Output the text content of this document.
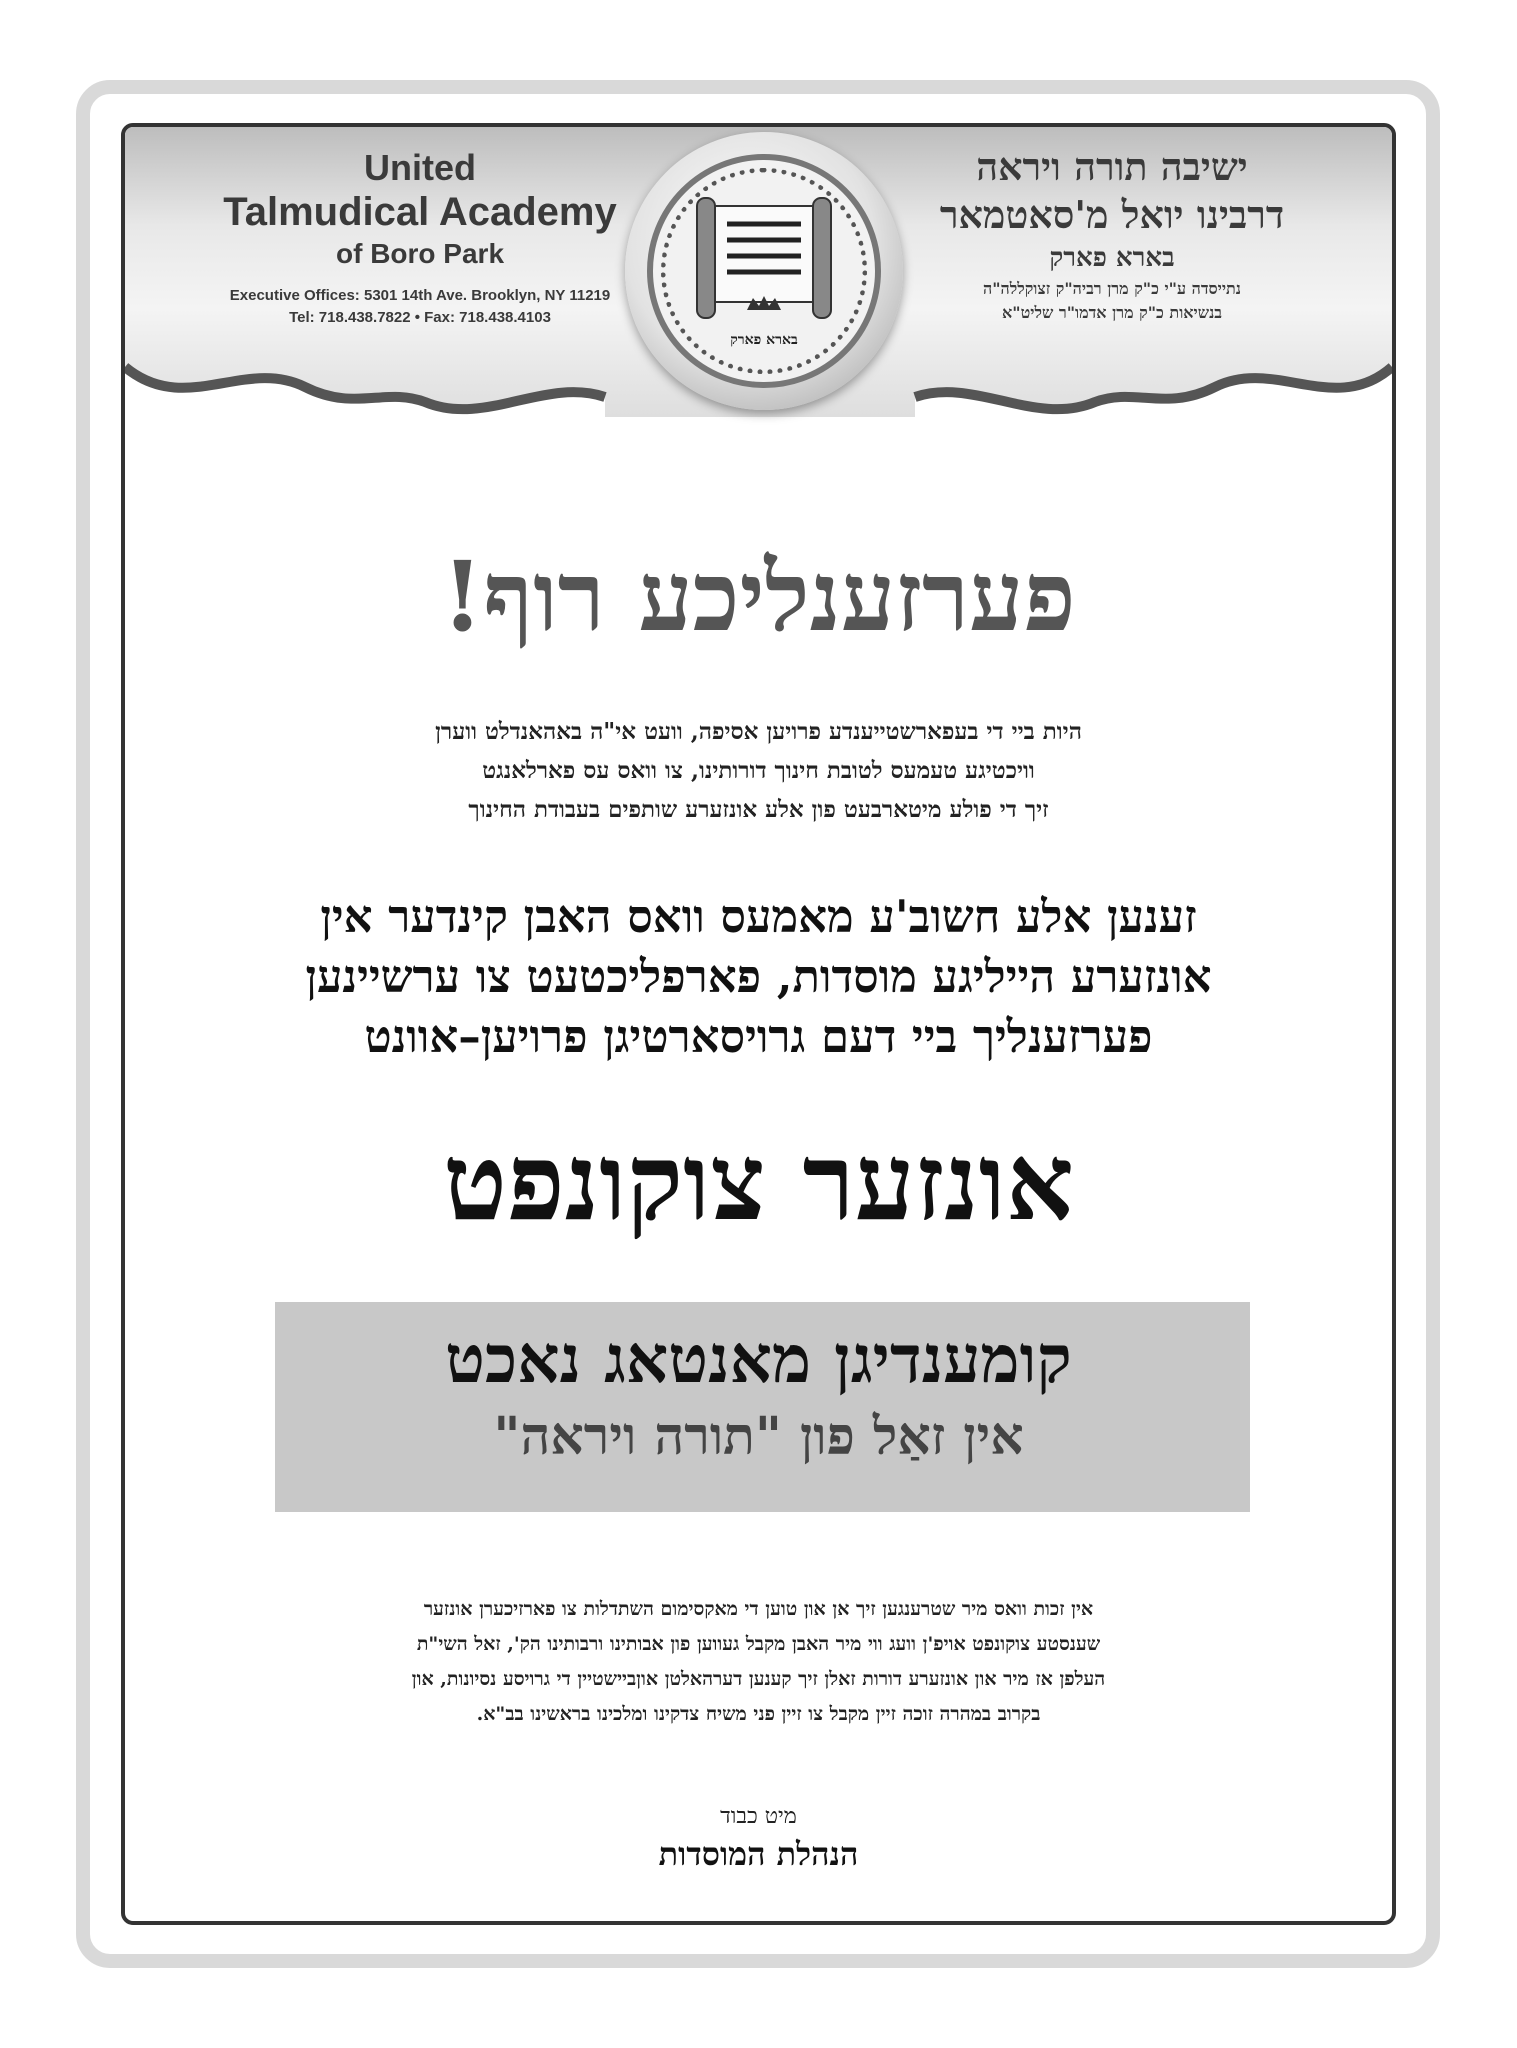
United
Talmudical Academy
of Boro Park
Executive Offices: 5301 14th Ave. Brooklyn, NY 11219
Tel: 718.438.7822 • Fax: 718.438.4103
בארא פארק
ישיבה תורה ויראה
דרבינו יואל מ'סאטמאר
בארא פארק
נתייסדה ע"י כ"ק מרן רביה"ק זצוקללה"ה
בנשיאות כ"ק מרן אדמו"ר שליט"א
פערזענליכע רוף!
היות ביי די בעפארשטייענדע פרויען אסיפה, וועט אי"ה באהאנדלט ווערן
וויכטיגע טעמעס לטובת חינוך דורותינו, צו וואס עס פארלאנגט
זיך די פולע מיטארבעט פון אלע אונזערע שותפים בעבודת החינוך
זענען אלע חשוב'ע מאמעס וואס האבן קינדער אין
אונזערע הייליגע מוסדות, פארפליכטעט צו ערשיינען
פערזענליך ביי דעם גרויסארטיגן פרויען–אוונט
אונזער צוקונפט
קומענדיגן מאנטאג נאכט
אין זאַל פון "תורה ויראה"
אין זכות וואס מיר שטרענגען זיך אן און טוען די מאקסימום השתדלות צו פארזיכערן אונזער
שענסטע צוקונפט אויפ'ן וועג ווי מיר האבן מקבל געווען פון אבותינו ורבותינו הק', זאל השי"ת
העלפן אז מיר און אונזערע דורות זאלן זיך קענען דערהאלטן אוןביישטיין די גרויסע נסיונות, און
בקרוב במהרה זוכה זיין מקבל צו זיין פני משיח צדקינו ומלכינו בראשינו בב"א.
מיט כבוד
הנהלת המוסדות
